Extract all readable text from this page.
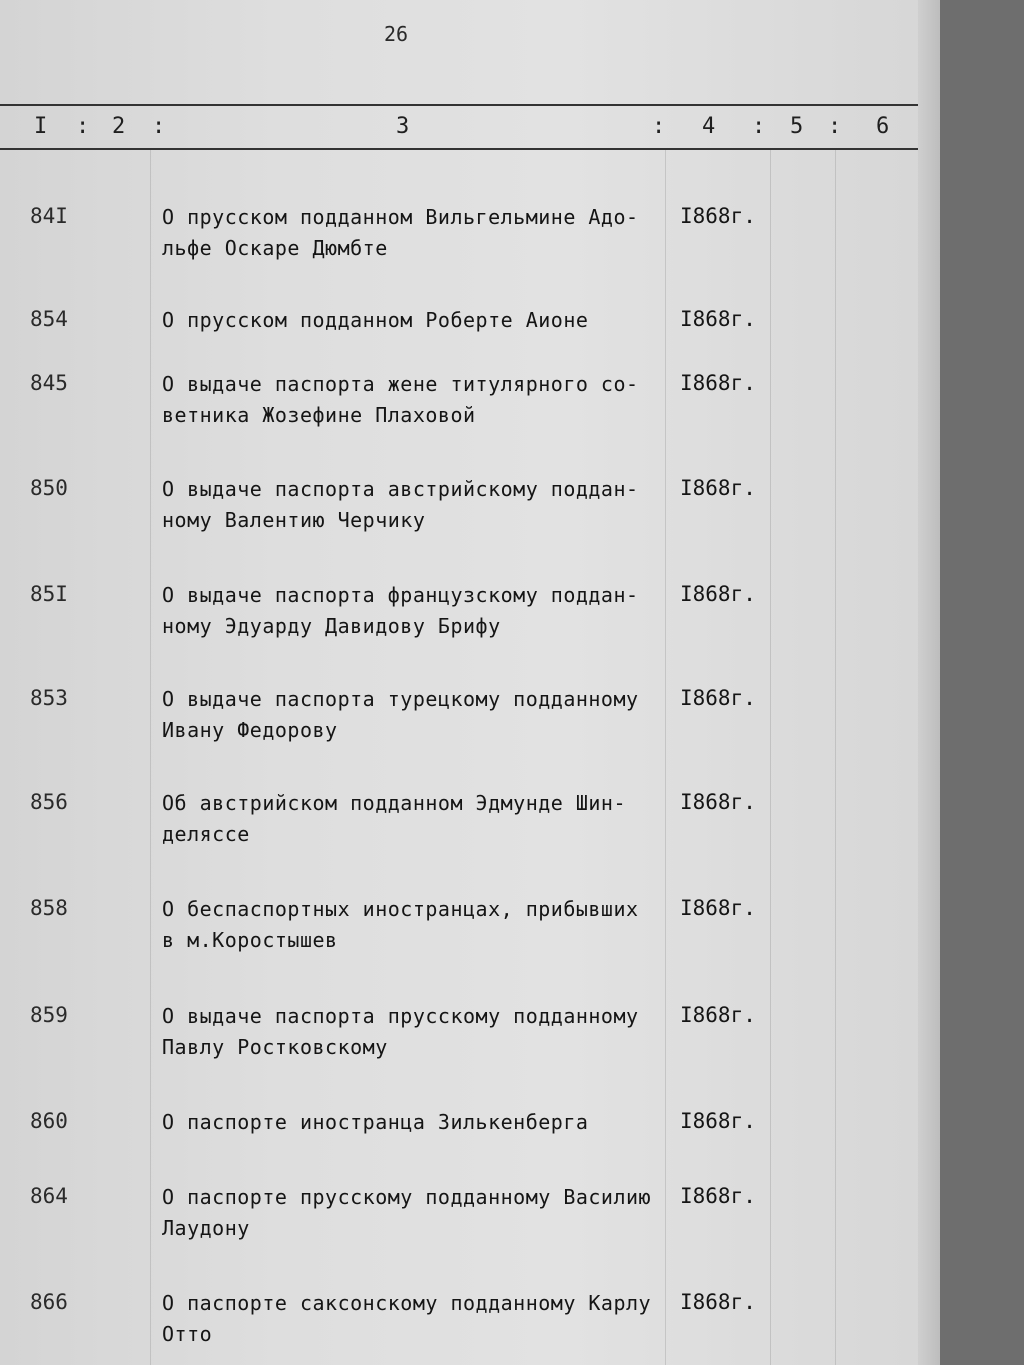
26
I : 2 :	3	: 4 : 5 : 6
84I	О прусском подданном Вильгельмине Адо-
льфе Оскаре Дюмбте
I868г.
854	О прусском подданном Роберте Аионе	I868г.
845	О выдаче паспорта жене титулярного со-
ветника Жозефине Плаховой
I868г.
850	О выдаче паспорта австрийскому поддан-
ному Валентию Черчику
I868г.
85I	О выдаче паспорта французскому поддан-
ному Эдуарду Давидову Брифу
I868г.
853	О выдаче паспорта турецкому подданному
Ивану Федорову
I868г.
856	Об австрийском подданном Эдмунде Шин-
деляссе
I868г.
858	О беспаспортных иностранцах, прибывших
в м.Коростышев
I868г.
859	О выдаче паспорта прусскому подданному
Павлу Ростковскому
I868г.
860	О паспорте иностранца Зилькенберга	I868г.
864	О паспорте прусскому подданному Василию
Лаудону
I868г.
866	О паспорте саксонскому подданному Карлу
Отто
I868г.
